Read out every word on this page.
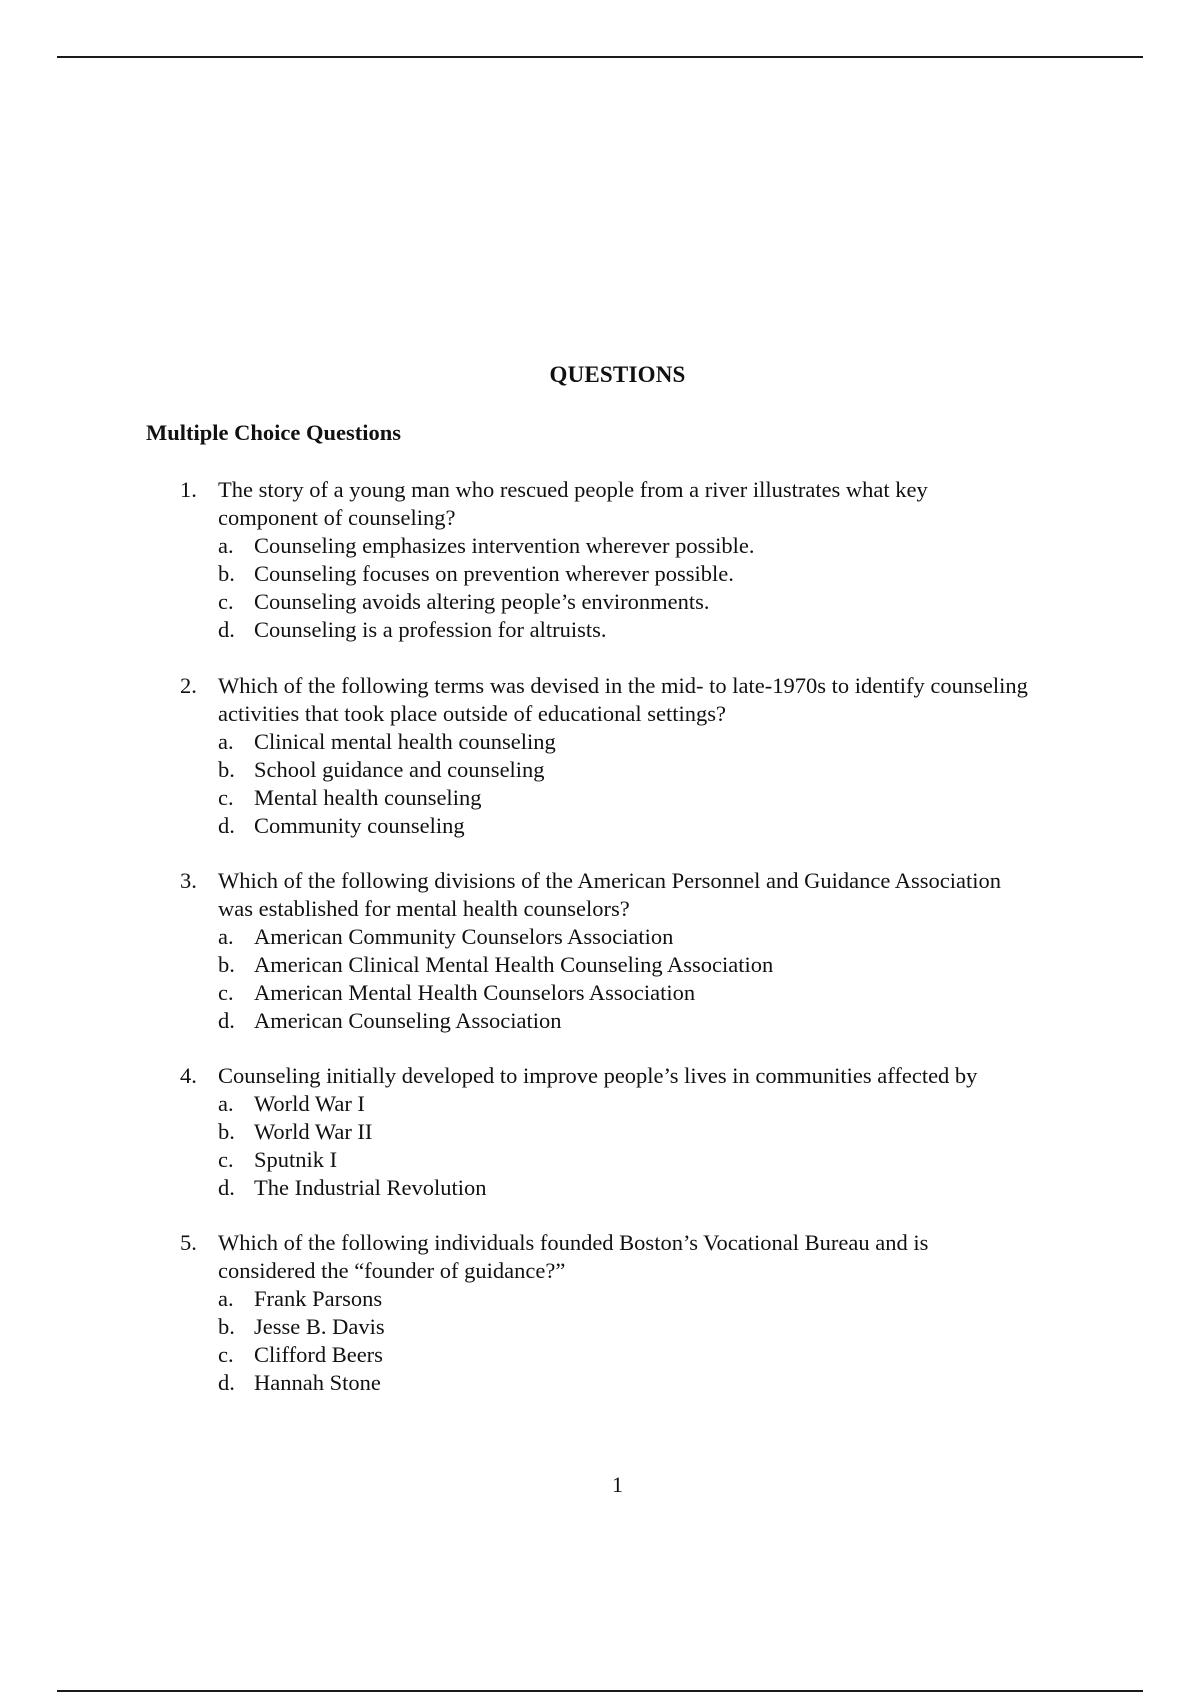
QUESTIONS
Multiple Choice Questions
1. The story of a young man who rescued people from a river illustrates what key
component of counseling?
a. Counseling emphasizes intervention wherever possible.
b. Counseling focuses on prevention wherever possible.
c. Counseling avoids altering people’s environments.
d. Counseling is a profession for altruists.
2. Which of the following terms was devised in the mid- to late-1970s to identify counseling
activities that took place outside of educational settings?
a. Clinical mental health counseling
b. School guidance and counseling
c. Mental health counseling
d. Community counseling
3. Which of the following divisions of the American Personnel and Guidance Association
was established for mental health counselors?
a. American Community Counselors Association
b. American Clinical Mental Health Counseling Association
c. American Mental Health Counselors Association
d. American Counseling Association
4. Counseling initially developed to improve people’s lives in communities affected by
a. World War I
b. World War II
c. Sputnik I
d. The Industrial Revolution
5. Which of the following individuals founded Boston’s Vocational Bureau and is
considered the “founder of guidance?”
a. Frank Parsons
b. Jesse B. Davis
c. Clifford Beers
d. Hannah Stone
1
